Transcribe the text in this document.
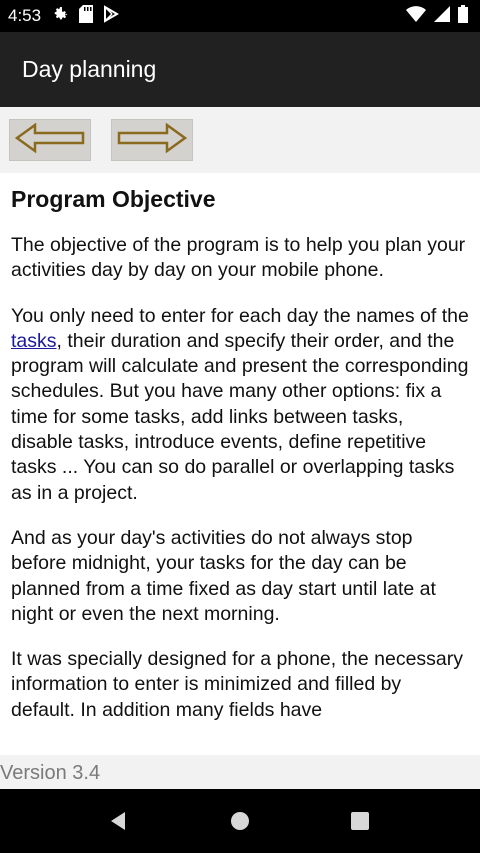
4:53
Day planning
Program Objective

The objective of the program is to help you plan your activities day by day on your mobile phone.

You only need to enter for each day the names of the tasks, their duration and specify their order, and the program will calculate and present the corresponding schedules. But you have many other options: fix a time for some tasks, add links between tasks, disable tasks, introduce events, define repetitive tasks ... You can so do parallel or overlapping tasks as in a project.

And as your day's activities do not always stop before midnight, your tasks for the day can be planned from a time fixed as day start until late at night or even the next morning.

It was specially designed for a phone, the necessary information to enter is minimized and filled by default. In addition many fields have

Version 3.4
